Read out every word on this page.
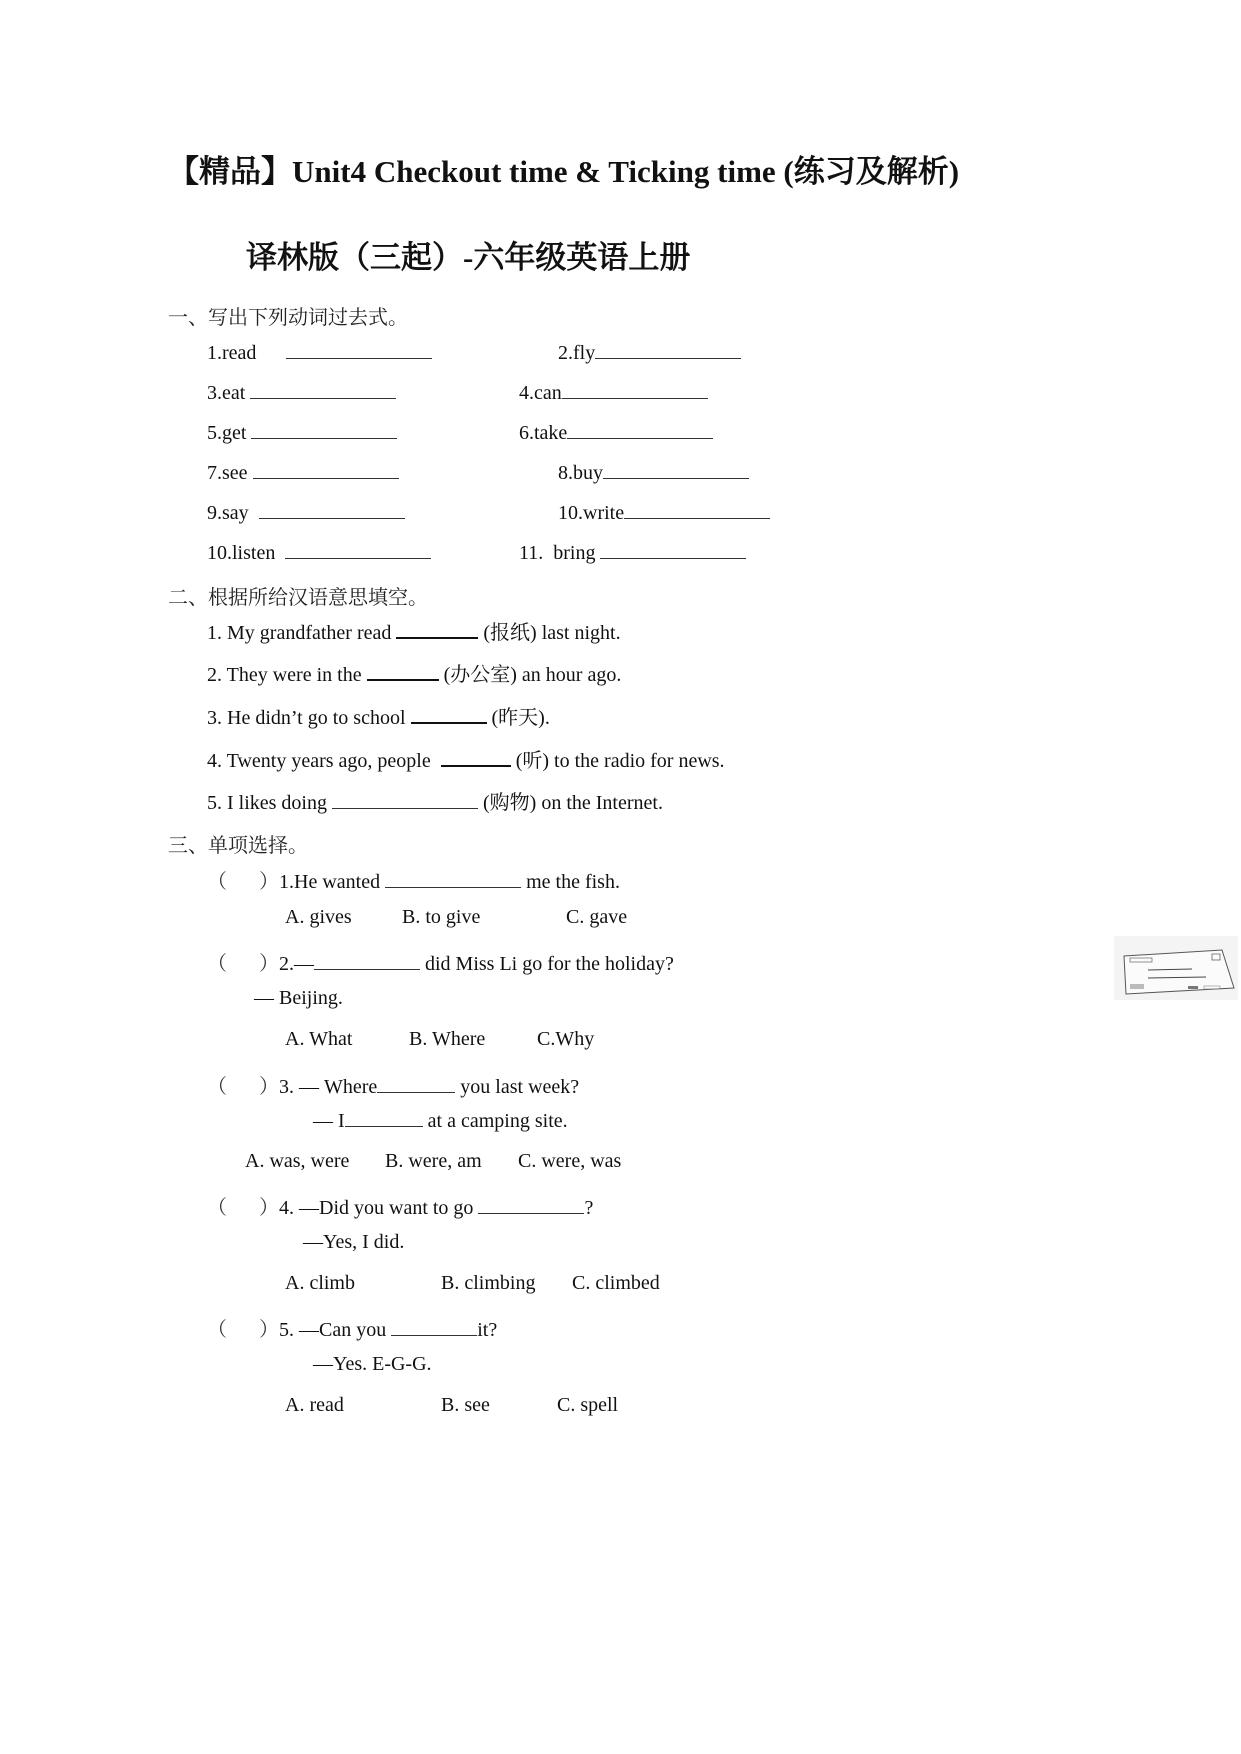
【精品】Unit4 Checkout time & Ticking time (练习及解析)
译林版（三起）-六年级英语上册
一、写出下列动词过去式。
1.read	2.fly
3.eat	4.can
5.get	6.take
7.see	8.buy
9.say	10.write
10.listen	11.  bring
二、根据所给汉语意思填空。
1. My grandfather read	(报纸) last night.
2. They were in the	(办公室) an hour ago.
3. He didn’t go to school	(昨天).
4. Twenty years ago, people	(听) to the radio for news.
5. I likes doing	(购物) on the Internet.
三、单项选择。
（ ）1.He wanted	me the fish.
A. gives	B. to give	C. gave
（ ）2.—	did Miss Li go for the holiday?
— Beijing.
A. What	B. Where	C.Why
（ ）3. — Where	you last week?
— I	at a camping site.
A. was, were B. were, am C. were, was
（ ）4. —Did you want to go	?
—Yes, I did.
A. climb	B. climbing C. climbed
（ ）5. —Can you	it?
—Yes. E-G-G.
A. read	B. see	C. spell
